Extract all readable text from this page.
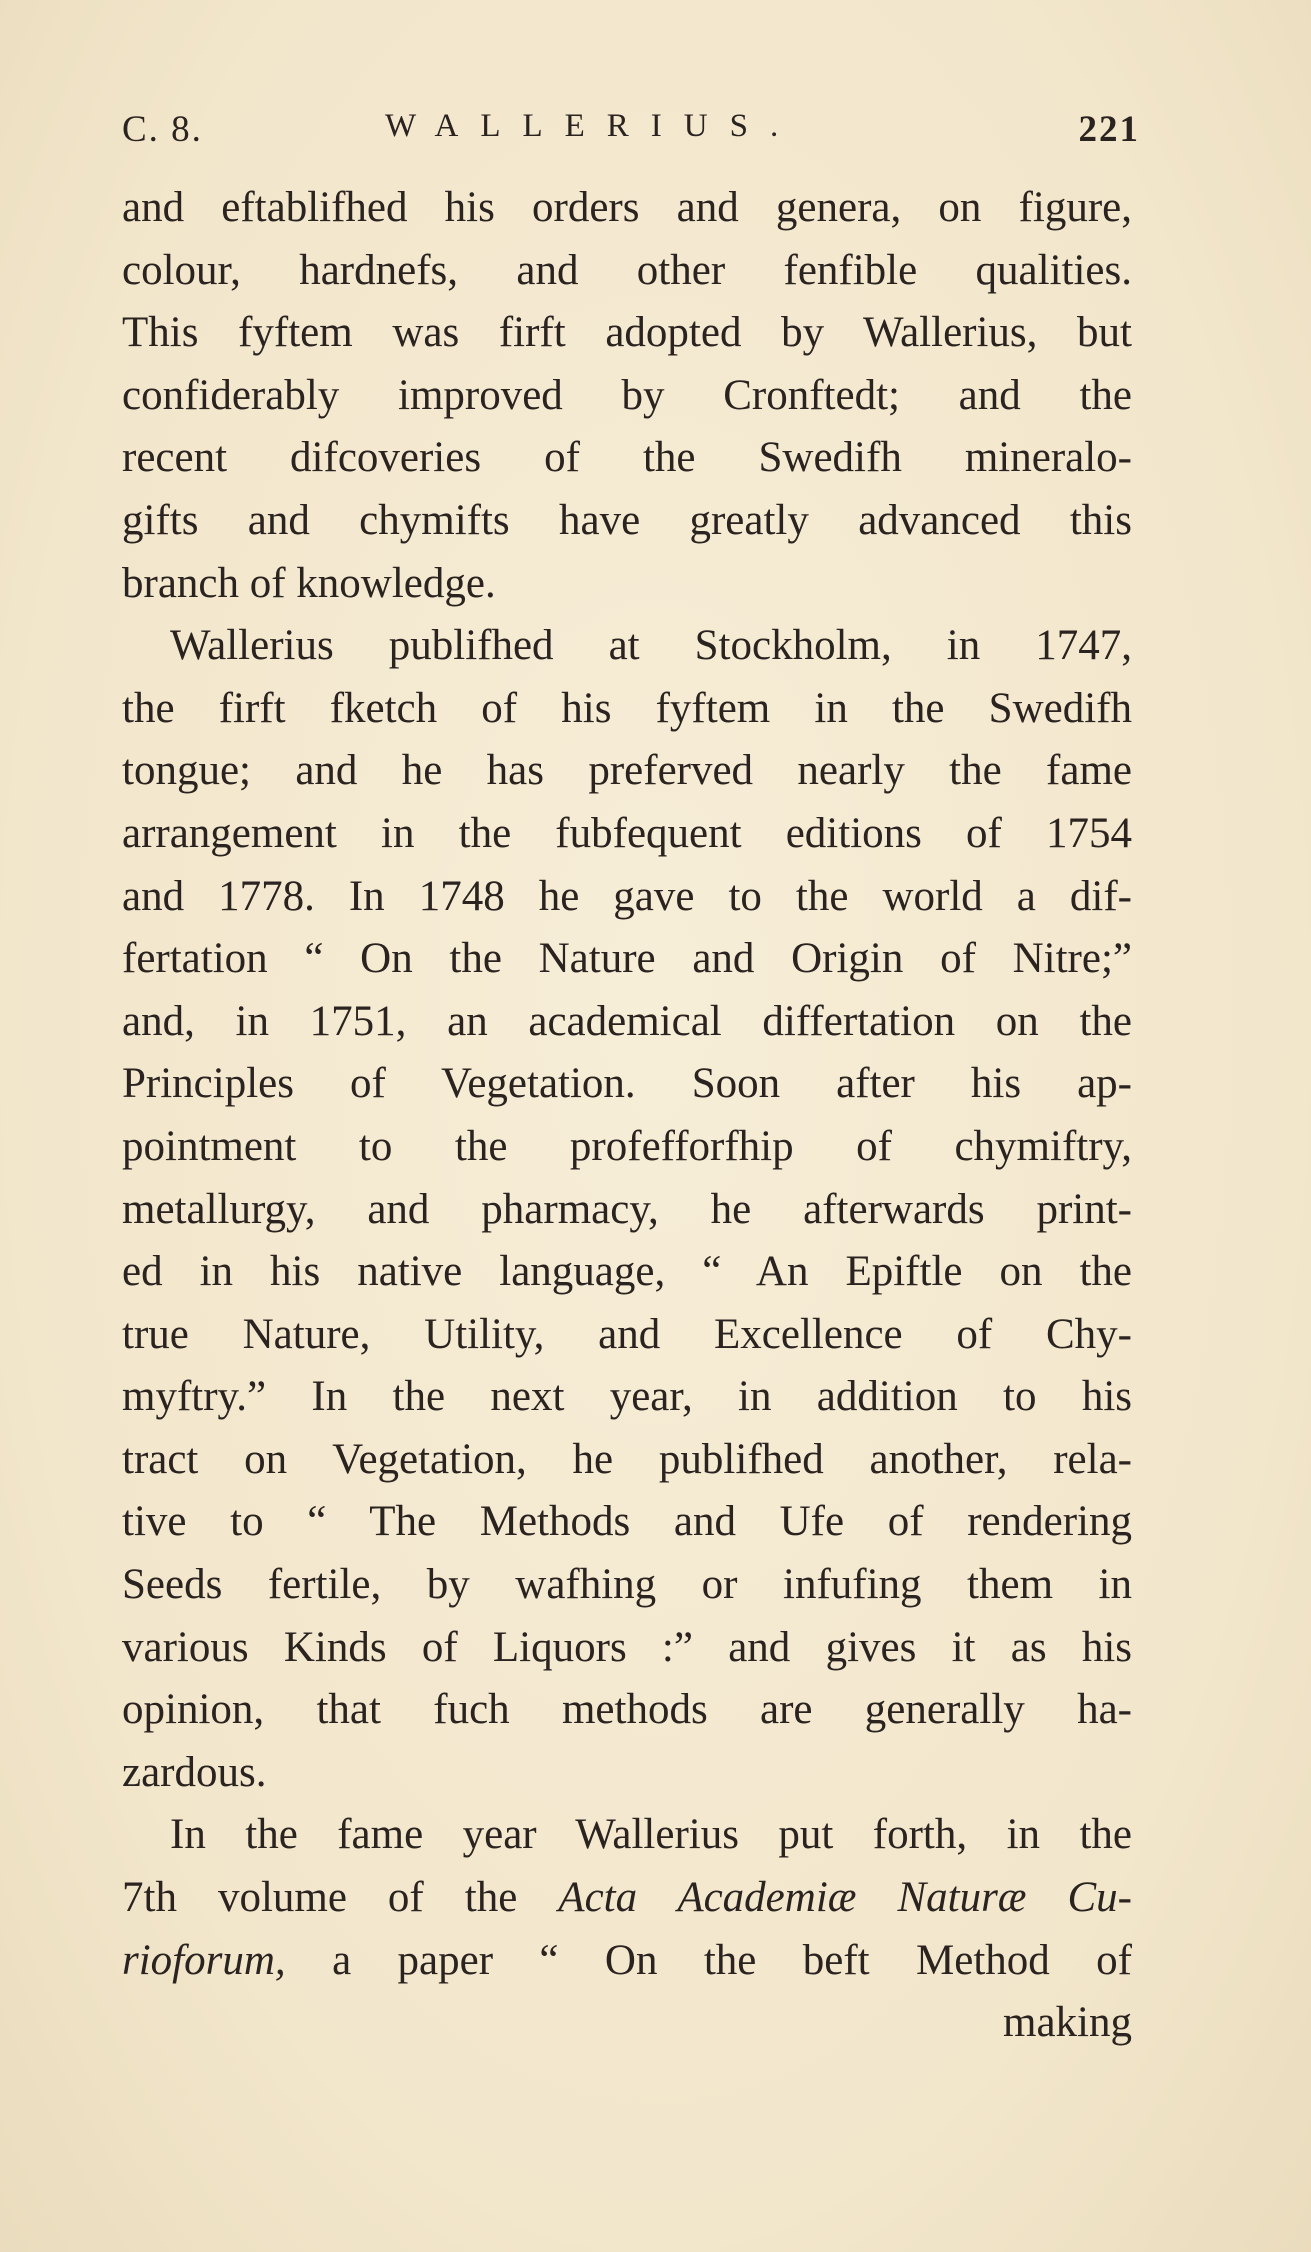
C. 8.	WALLERIUS.	221
and eftablifhed his orders and genera, on figure,
colour, hardnefs, and other fenfible qualities.
This fyftem was firft adopted by Wallerius, but
confiderably improved by Cronftedt; and the
recent difcoveries of the Swedifh mineralo-
gifts and chymifts have greatly advanced this
branch of knowledge.
Wallerius publifhed at Stockholm, in 1747,
the firft fketch of his fyftem in the Swedifh
tongue; and he has preferved nearly the fame
arrangement in the fubfequent editions of 1754
and 1778. In 1748 he gave to the world a dif-
fertation “ On the Nature and Origin of Nitre;”
and, in 1751, an academical differtation on the
Principles of Vegetation. Soon after his ap-
pointment to the profefforfhip of chymiftry,
metallurgy, and pharmacy, he afterwards print-
ed in his native language, “ An Epiftle on the
true Nature, Utility, and Excellence of Chy-
myftry.” In the next year, in addition to his
tract on Vegetation, he publifhed another, rela-
tive to “ The Methods and Ufe of rendering
Seeds fertile, by wafhing or infufing them in
various Kinds of Liquors :” and gives it as his
opinion, that fuch methods are generally ha-
zardous.
In the fame year Wallerius put forth, in the
7th volume of the Acta Academiæ Naturæ Cu-
rioforum, a paper “ On the beft Method of
making
